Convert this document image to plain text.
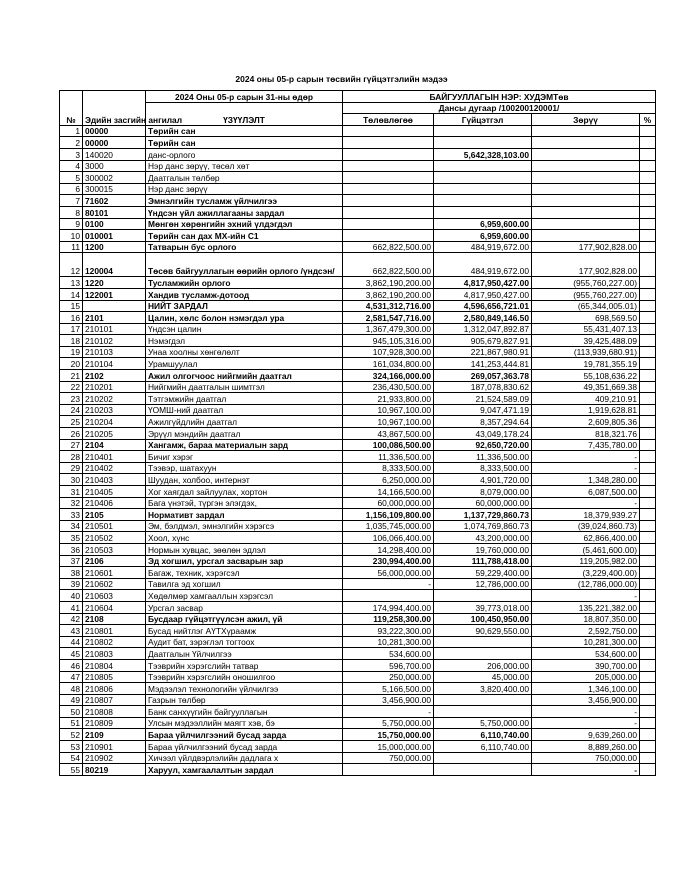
2024 оны 05-р сарын төсвийн гүйцэтгэлийн мэдээ
№	Эдийн засгийн ангилал	2024 Оны 05-р сарын 31-ны өдөр	БАЙГУУЛЛАГЫН НЭР: ХУДЭМТөв			
		ҮЗҮҮЛЭЛТ	Дансы дугаар /100200120001/			
			Төлөвлөгөө	Гүйцэтгэл	Зөрүү	%
1	00000	Төрийн сан				
2	00000	Төрийн сан				
3	140020	данс-орлого		5,642,328,103.00		
4	3000	Нэр данс зөрүү, төсөл хөт				
5	300002	Даатгалын төлбөр				
6	300015	Нэр данс зөрүү				
7	71602	Эмнэлгийн тусламж үйлчилгээ				
8	80101	Үндсэн үйл ажиллагааны зардал				
9	0100	Мөнгөн хөрөнгийн эхний үлдэгдэл		6,959,600.00		
10	010001	Төрийн сан дах МХ-ийн С1		6,959,600.00		
11	1200	Татварын бус орлого	662,822,500.00	484,919,672.00	177,902,828.00	
12	120004	Төсөв байгууллагын өөрийн орлого /үндсэн/	662,822,500.00	484,919,672.00	177,902,828.00	
13	1220	Тусламжийн орлого	3,862,190,200.00	4,817,950,427.00	(955,760,227.00)	
14	122001	Хандив тусламж-дотоод	3,862,190,200.00	4,817,950,427.00	(955,760,227.00)	
15		НИЙТ ЗАРДАЛ	4,531,312,716.00	4,596,656,721.01	(65,344,005.01)	
16	2101	Цалин, хөлс болон нэмэгдэл ура	2,581,547,716.00	2,580,849,146.50	698,569.50	
17	210101	Үндсэн цалин	1,367,479,300.00	1,312,047,892.87	55,431,407.13	
18	210102	Нэмэгдэл	945,105,316.00	905,679,827.91	39,425,488.09	
19	210103	Унаа хоолны хөнгөлөлт	107,928,300.00	221,867,980.91	(113,939,680.91)	
20	210104	Урамшуулал	161,034,800.00	141,253,444.81	19,781,355.19	
21	2102	Ажил олгогчоос нийгмийн даатгал	324,166,000.00	269,057,363.78	55,108,636.22	
22	210201	Нийгмийн даатгалын шимтгэл	236,430,500.00	187,078,830.62	49,351,669.38	
23	210202	Тэтгэмжийн даатгал	21,933,800.00	21,524,589.09	409,210.91	
24	210203	ҮОМШ-ний даатгал	10,967,100.00	9,047,471.19	1,919,628.81	
25	210204	Ажилгүйдлийн даатгал	10,967,100.00	8,357,294.64	2,609,805.36	
26	210205	Эрүүл мэндийн даатгал	43,867,500.00	43,049,178.24	818,321.76	
27	2104	Хангамж, бараа материалын зард	100,086,500.00	92,650,720.00	7,435,780.00	
28	210401	Бичиг хэрэг	11,336,500.00	11,336,500.00	-	
29	210402	Тээвэр, шатахуун	8,333,500.00	8,333,500.00	-	
30	210403	Шуудан, холбоо, интернэт	6,250,000.00	4,901,720.00	1,348,280.00	
31	210405	Хог хаягдал зайлуулах, хортон	14,166,500.00	8,079,000.00	6,087,500.00	
32	210406	Бага үнэтэй, түргэн элэгдэх,	60,000,000.00	60,000,000.00	-	
33	2105	Нормативт зардал	1,156,109,800.00	1,137,729,860.73	18,379,939.27	
34	210501	Эм, бэлдмэл, эмнэлгийн хэрэгсэ	1,035,745,000.00	1,074,769,860.73	(39,024,860.73)	
35	210502	Хоол, хүнс	106,066,400.00	43,200,000.00	62,866,400.00	
36	210503	Нормын хувцас, зөөлөн эдлэл	14,298,400.00	19,760,000.00	(5,461,600.00)	
37	2106	Эд хогшил, урсгал засварын зар	230,994,400.00	111,788,418.00	119,205,982.00	
38	210601	Багаж, техник, хэрэгсэл	56,000,000.00	59,229,400.00	(3,229,400.00)	
39	210602	Тавилга эд хогшил	-	12,786,000.00	(12,786,000.00)	
40	210603	Хөдөлмөр хамгааллын хэрэгсэл			-	
41	210604	Урсгал засвар	174,994,400.00	39,773,018.00	135,221,382.00	
42	2108	Бусдаар гүйцэтгүүлсэн ажил, үй	119,258,300.00	100,450,950.00	18,807,350.00	
43	210801	Бусад нийтлэг АҮТХүраамж	93,222,300.00	90,629,550.00	2,592,750.00	
44	210802	Аудит бат, зэрэглэл тогтоох	10,281,300.00		10,281,300.00	
45	210803	Даатгалын Үйлчилгээ	534,600.00		534,600.00	
46	210804	Тээврийн хэрэгслийн татвар	596,700.00	206,000.00	390,700.00	
47	210805	Тээврийн хэрэгслийн оношилгоо	250,000.00	45,000.00	205,000.00	
48	210806	Мэдээлэл технологийн үйлчилгээ	5,166,500.00	3,820,400.00	1,346,100.00	
49	210807	Газрын төлбөр	3,456,900.00		3,456,900.00	
50	210808	Банк санхүүгийн байгууллагын	-		-	
51	210809	Улсын мэдээллийн маягт хэв, бэ	5,750,000.00	5,750,000.00	-	
52	2109	Бараа үйлчилгээний бусад зарда	15,750,000.00	6,110,740.00	9,639,260.00	
53	210901	Бараа үйлчилгээний бусад зарда	15,000,000.00	6,110,740.00	8,889,260.00	
54	210902	Хичээл үйлдвэрлэлийн дадлага х	750,000.00		750,000.00	
55	80219	Харуул, хамгаалалтын зардал			-	
